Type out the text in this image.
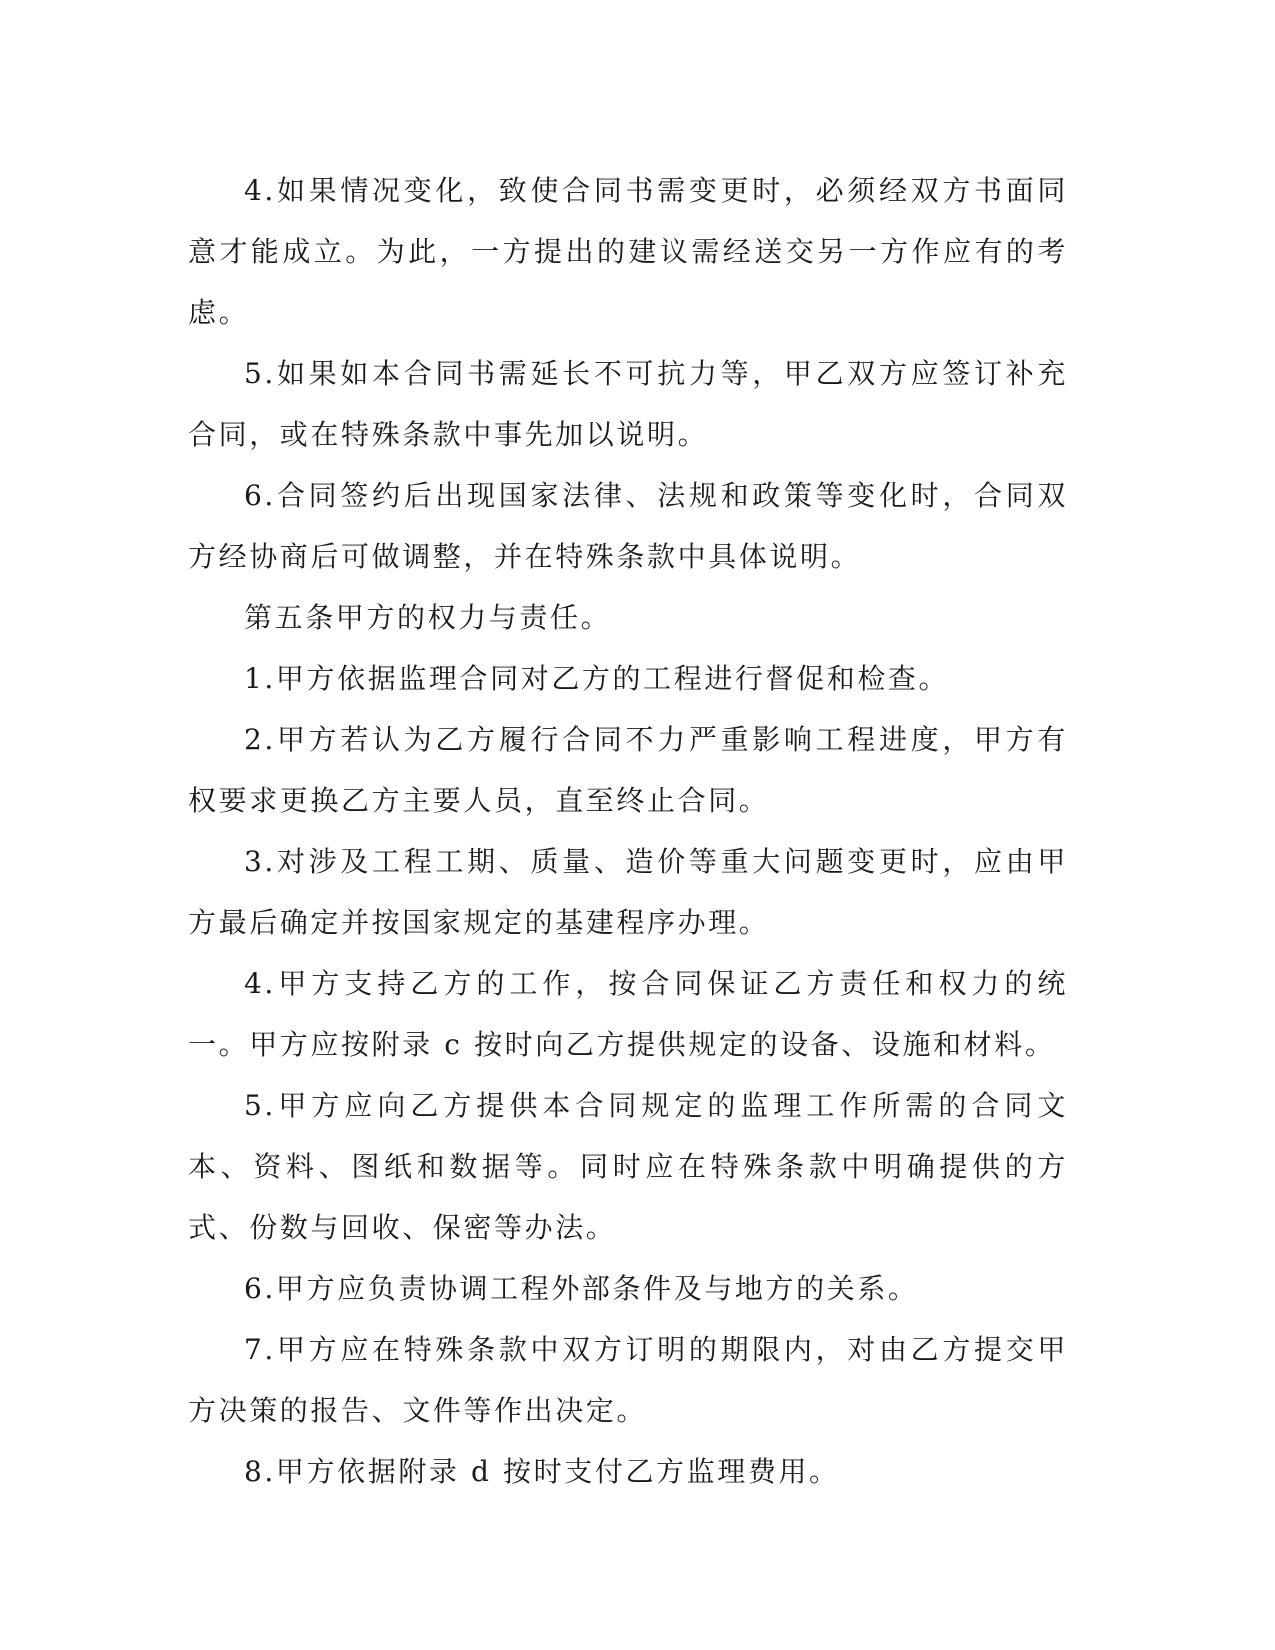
4.如果情况变化，致使合同书需变更时，必须经双方书面同意才能成立。为此，一方提出的建议需经送交另一方作应有的考虑。

5.如果如本合同书需延长不可抗力等，甲乙双方应签订补充合同，或在特殊条款中事先加以说明。

6.合同签约后出现国家法律、法规和政策等变化时，合同双方经协商后可做调整，并在特殊条款中具体说明。

第五条甲方的权力与责任。

1.甲方依据监理合同对乙方的工程进行督促和检查。

2.甲方若认为乙方履行合同不力严重影响工程进度，甲方有权要求更换乙方主要人员，直至终止合同。

3.对涉及工程工期、质量、造价等重大问题变更时，应由甲方最后确定并按国家规定的基建程序办理。

4.甲方支持乙方的工作，按合同保证乙方责任和权力的统一。甲方应按附录 c 按时向乙方提供规定的设备、设施和材料。

5.甲方应向乙方提供本合同规定的监理工作所需的合同文本、资料、图纸和数据等。同时应在特殊条款中明确提供的方式、份数与回收、保密等办法。

6.甲方应负责协调工程外部条件及与地方的关系。

7.甲方应在特殊条款中双方订明的期限内，对由乙方提交甲方决策的报告、文件等作出决定。

8.甲方依据附录 d 按时支付乙方监理费用。
